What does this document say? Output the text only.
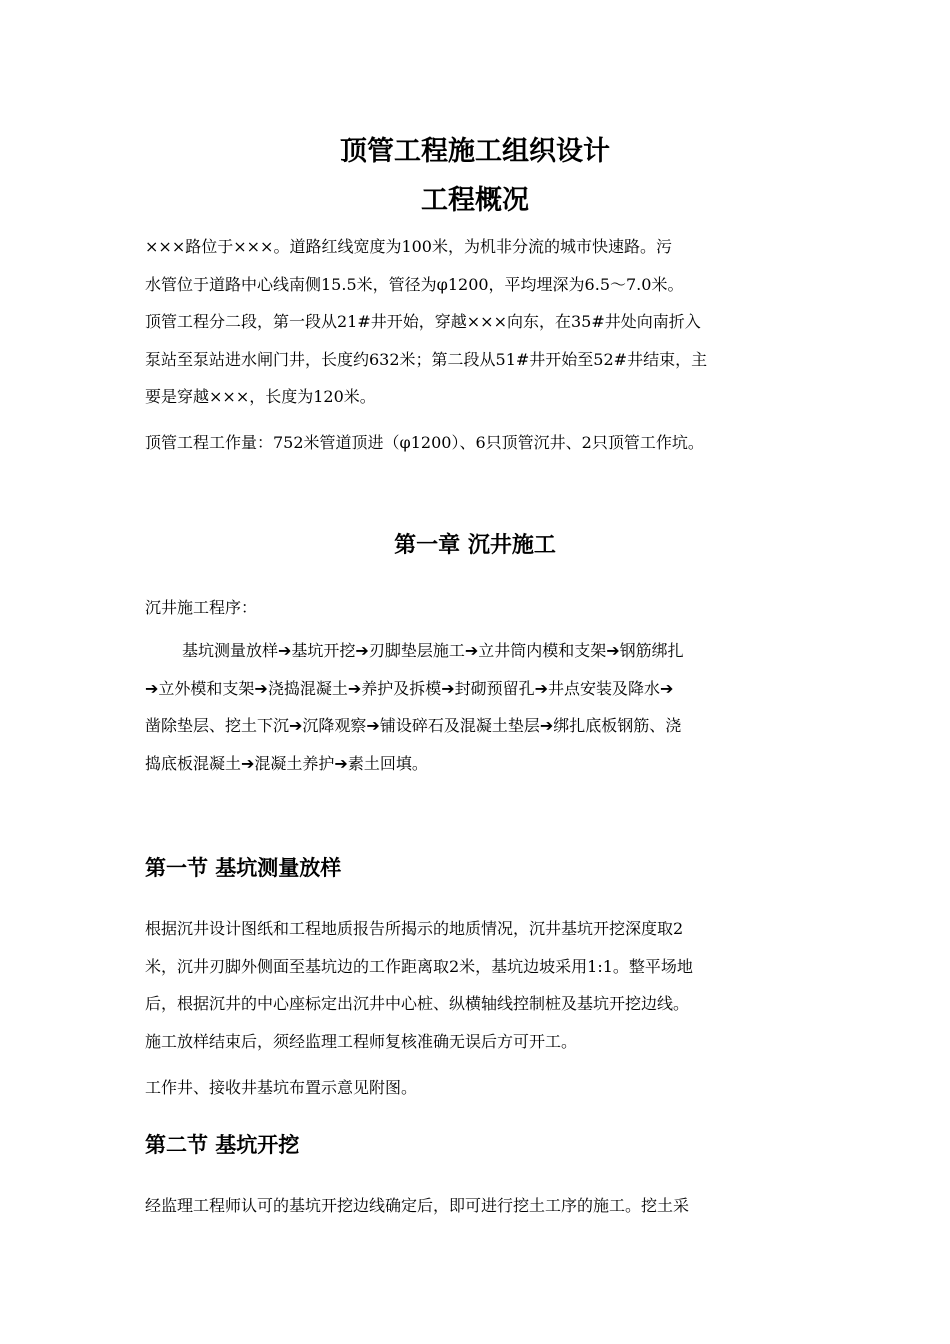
顶管工程施工组织设计
工程概况

×××路位于×××。道路红线宽度为100米，为机非分流的城市快速路。污
水管位于道路中心线南侧15.5米，管径为φ1200，平均埋深为6.5～7.0米。
顶管工程分二段，第一段从21#井开始，穿越×××向东，在35#井处向南折入
泵站至泵站进水闸门井，长度约632米；第二段从51#井开始至52#井结束，主
要是穿越×××，长度为120米。

顶管工程工作量：752米管道顶进（φ1200）、6只顶管沉井、2只顶管工作坑。

第一章 沉井施工

沉井施工程序：

基坑测量放样➔基坑开挖➔刃脚垫层施工➔立井筒内模和支架➔钢筋绑扎
➔立外模和支架➔浇捣混凝土➔养护及拆模➔封砌预留孔➔井点安装及降水➔
凿除垫层、挖土下沉➔沉降观察➔铺设碎石及混凝土垫层➔绑扎底板钢筋、浇
捣底板混凝土➔混凝土养护➔素土回填。

第一节 基坑测量放样

根据沉井设计图纸和工程地质报告所揭示的地质情况，沉井基坑开挖深度取2
米，沉井刃脚外侧面至基坑边的工作距离取2米，基坑边坡采用1:1。整平场地
后，根据沉井的中心座标定出沉井中心桩、纵横轴线控制桩及基坑开挖边线。
施工放样结束后，须经监理工程师复核准确无误后方可开工。

工作井、接收井基坑布置示意见附图。

第二节 基坑开挖

经监理工程师认可的基坑开挖边线确定后，即可进行挖土工序的施工。挖土采
